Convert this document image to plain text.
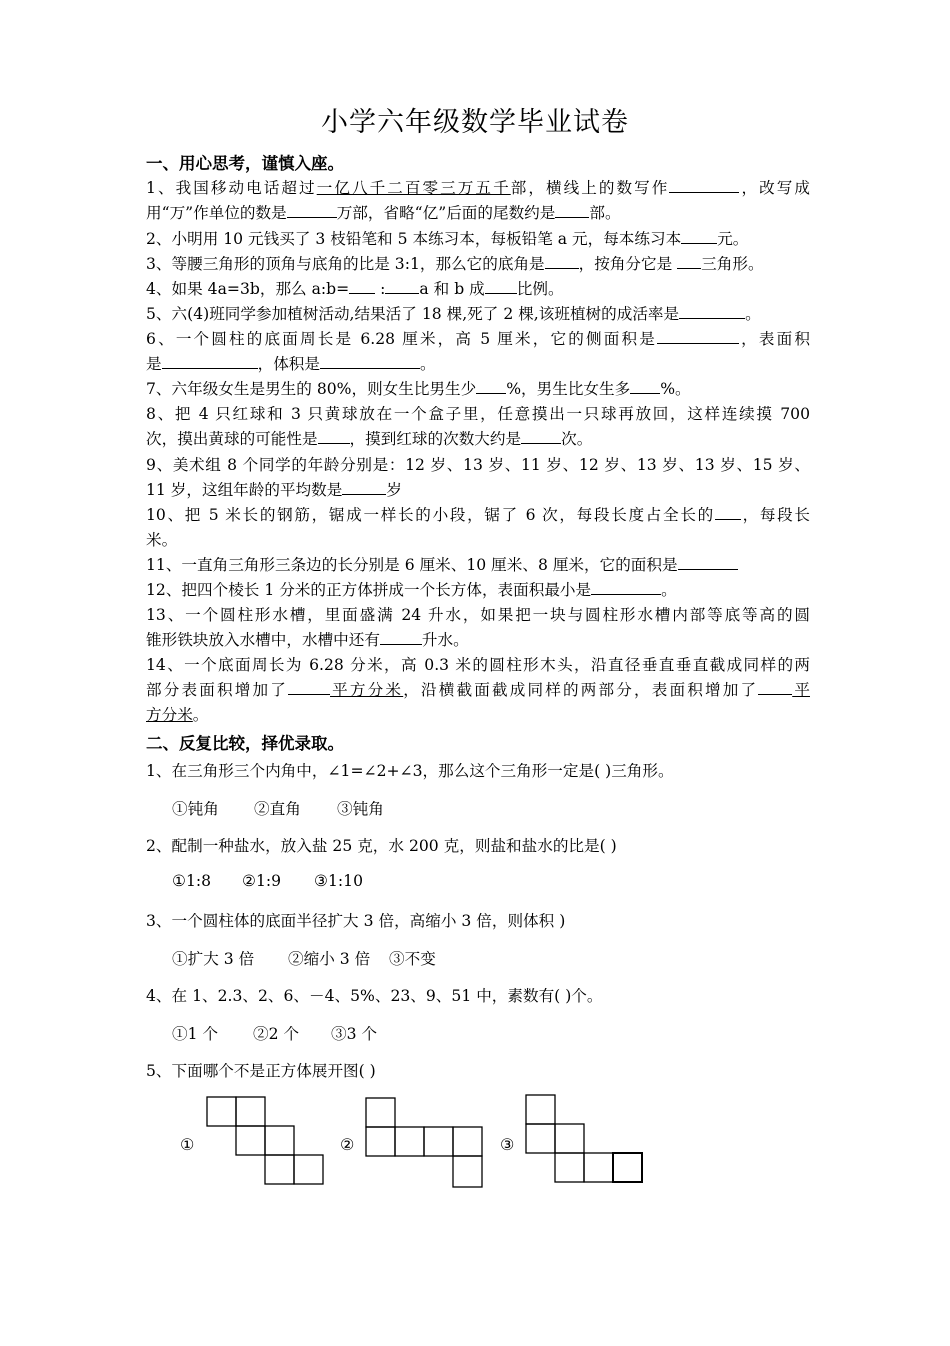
小学六年级数学毕业试卷
一、用心思考，谨慎入座。
1、我国移动电话超过一亿八千二百零三万五千部，横线上的数写作	，改写成
用“万”作单位的数是	万部，省略“亿”后面的尾数约是 部。
2、小明用 10 元钱买了 3 枝铅笔和 5 本练习本，每板铅笔 a 元，每本练习本 元。
3、等腰三角形的顶角与底角的比是 3:1，那么它的底角是 ，按角分它是 三角形。
4、如果 4a=3b，那么 a:b= : a 和 b 成 比例。
5、六(4)班同学参加植树活动,结果活了 18 棵,死了 2 棵,该班植树的成活率是	。
6、一个圆柱的底面周长是 6.28 厘米，高 5 厘米，它的侧面积是	，表面积
是	，体积是	。
7、六年级女生是男生的 80%，则女生比男生少 %，男生比女生多 %。
8、把 4 只红球和 3 只黄球放在一个盒子里，任意摸出一只球再放回，这样连续摸 700
次，摸出黄球的可能性是 ，摸到红球的次数大约是	次。
9、美术组 8 个同学的年龄分别是：12 岁、13 岁、11 岁、12 岁、13 岁、13 岁、15 岁、
11 岁，这组年龄的平均数是	岁
10、把 5 米长的钢筋，锯成一样长的小段，锯了 6 次，每段长度占全长的 ，每段长
米。
11、一直角三角形三条边的长分别是 6 厘米、10 厘米、8 厘米，它的面积是
12、把四个棱长 1 分米的正方体拼成一个长方体，表面积最小是	。
13、一个圆柱形水槽，里面盛满 24 升水，如果把一块与圆柱形水槽内部等底等高的圆
锥形铁块放入水槽中，水槽中还有	升水。
14、一个底面周长为 6.28 分米，高 0.3 米的圆柱形木头，沿直径垂直垂直截成同样的两
部分表面积增加了	平方分米，沿横截面截成同样的两部分，表面积增加了 平
方分米。
二、反复比较，择优录取。
1、在三角形三个内角中，∠1=∠2+∠3，那么这个三角形一定是( )三角形。
①钝角 ②直角 ③钝角
2、配制一种盐水，放入盐 25 克，水 200 克，则盐和盐水的比是( )
①1:8 ②1:9 ③1:10
3、一个圆柱体的底面半径扩大 3 倍，高缩小 3 倍，则体积 )
①扩大 3 倍 ②缩小 3 倍 ③不变
4、在 1、2.3、2、6、－4、5%、23、9、51 中，素数有( )个。
①1 个 ②2 个 ③3 个
5、下面哪个不是正方体展开图( )
①	②	③
